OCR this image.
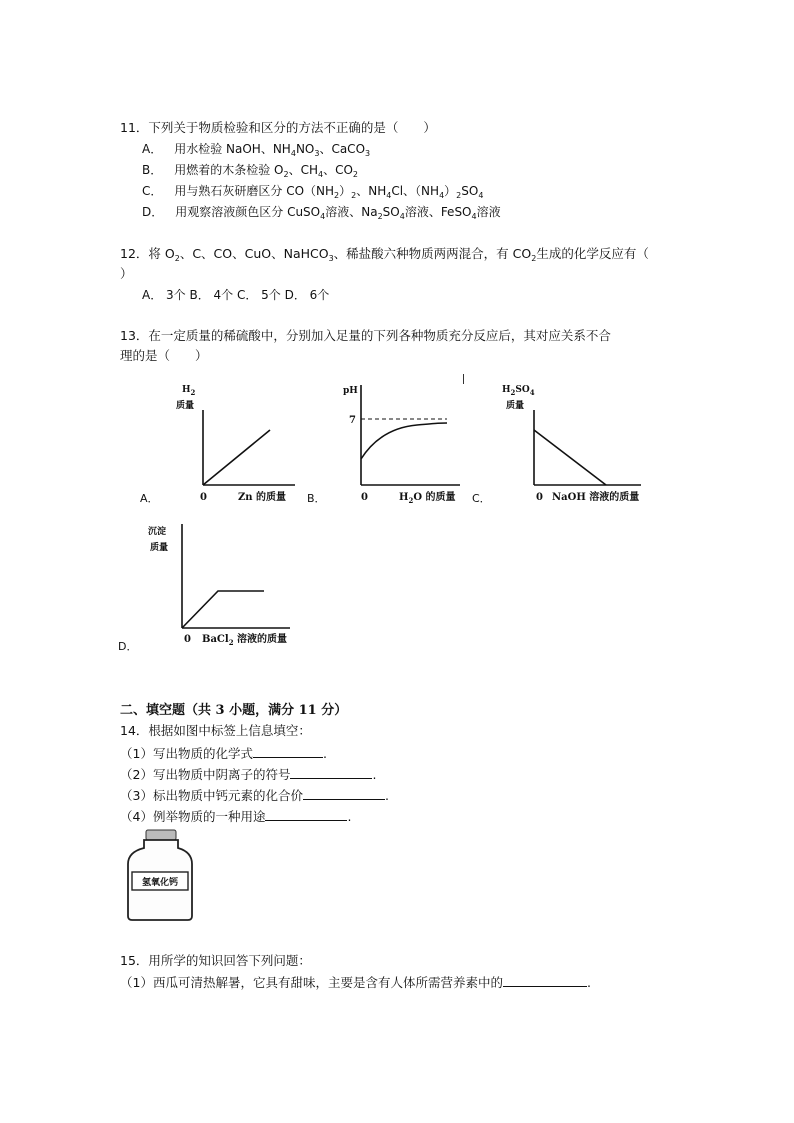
11．下列关于物质检验和区分的方法不正确的是（　　）
A． 用水检验 NaOH、$NH_4NO_3$、CaCO$_3$
B． 用燃着的木条检验 $O_2$、$CH_4$、$CO_2$
C． 用与熟石灰研磨区分 $CO(NH_2)_2$、$NH_4Cl$、$(NH_4)_2SO_4$
D． 用观察溶液颜色区分 CuSO$_4$溶液、$Na_2SO_4$溶液、FeSO$_4$溶液
12．将 $O_2$、C、CO、CuO、NaHCO$_3$、稀盐酸六种物质两两混合，有 $CO_2$生成的化学反应有（
）
A． 3个 B． 4个 C． 5个 D． 6个
13．在一定质量的稀硫酸中，分别加入足量的下列各种物质充分反应后，其对应关系不合
理的是（　　）
A．
$H_2$
质量
0	Zn 的质量 B．
pH
7
0	$H_2O$ 的质量 C．
$H_2SO_4$
质量
0 NaOH 溶液的质量
D．
沉淀
质量
0 BaCl$_2$ 溶液的质量
二、填空题（共 3 小题，满分 11 分）
14．根据如图中标签上信息填空：
（1）写出物质的化学式	.
（2）写出物质中阴离子的符号	.
（3）标出物质中钙元素的化合价	.
（4）例举物质的一种用途	.
氢氧化钙
15．用所学的知识回答下列问题：
（1）西瓜可清热解暑，它具有甜味，主要是含有人体所需营养素中的	.
